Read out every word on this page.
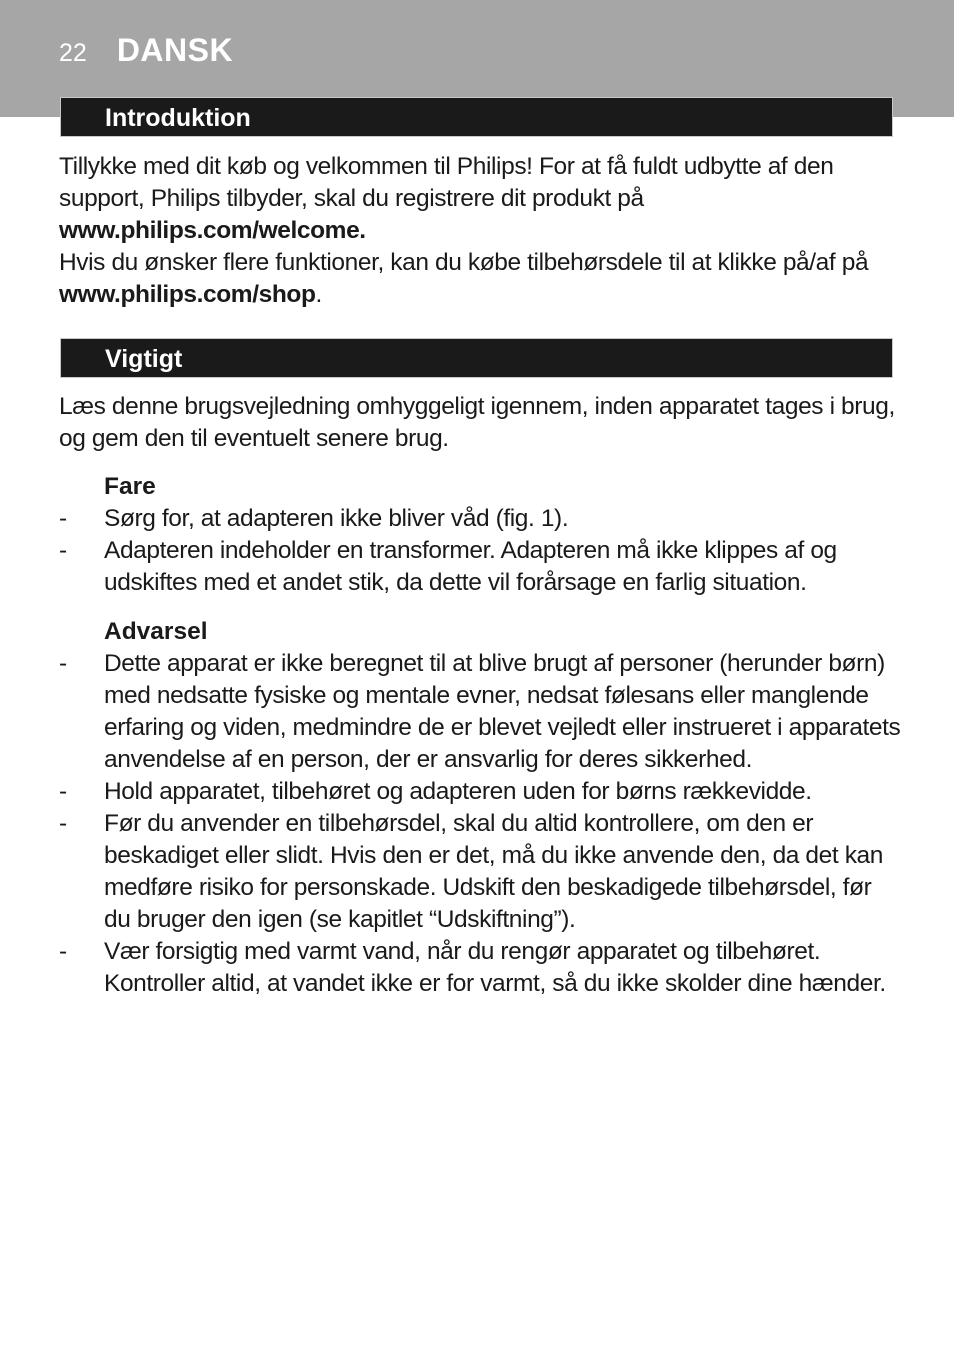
22 DANSK
Introduktion
Tillykke med dit køb og velkommen til Philips! For at få fuldt udbytte af den support, Philips tilbyder, skal du registrere dit produkt på
www.philips.com/welcome.
Hvis du ønsker flere funktioner, kan du købe tilbehørsdele til at klikke på/af på www.philips.com/shop.
Vigtigt
Læs denne brugsvejledning omhyggeligt igennem, inden apparatet tages i brug, og gem den til eventuelt senere brug.
Fare
- Sørg for, at adapteren ikke bliver våd (fig. 1).
- Adapteren indeholder en transformer. Adapteren må ikke klippes af og udskiftes med et andet stik, da dette vil forårsage en farlig situation.
Advarsel
- Dette apparat er ikke beregnet til at blive brugt af personer (herunder børn) med nedsatte fysiske og mentale evner, nedsat følesans eller manglende erfaring og viden, medmindre de er blevet vejledt eller instrueret i apparatets anvendelse af en person, der er ansvarlig for deres sikkerhed.
- Hold apparatet, tilbehøret og adapteren uden for børns rækkevidde.
- Før du anvender en tilbehørsdel, skal du altid kontrollere, om den er beskadiget eller slidt. Hvis den er det, må du ikke anvende den, da det kan medføre risiko for personskade. Udskift den beskadigede tilbehørsdel, før du bruger den igen (se kapitlet “Udskiftning”).
- Vær forsigtig med varmt vand, når du rengør apparatet og tilbehøret. Kontroller altid, at vandet ikke er for varmt, så du ikke skolder dine hænder.
